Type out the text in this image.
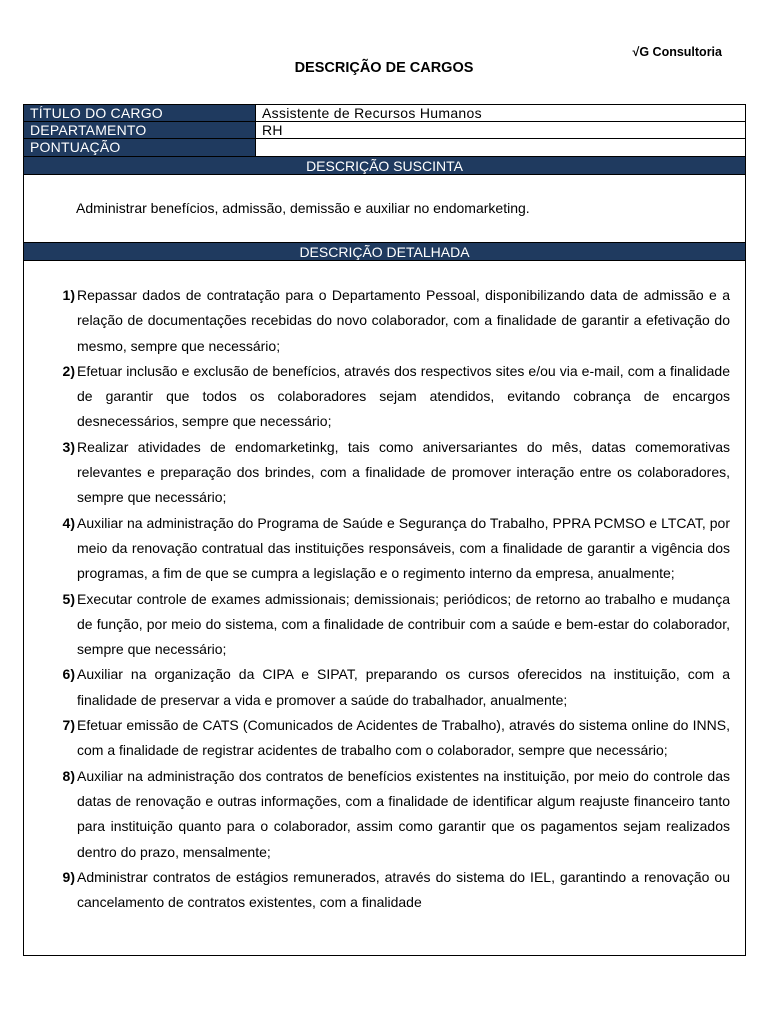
√G Consultoria
DESCRIÇÃO DE CARGOS
TÍTULO DO CARGO	Assistente de Recursos Humanos
DEPARTAMENTO	RH
PONTUAÇÃO
DESCRIÇÃO SUSCINTA
Administrar benefícios, admissão, demissão e auxiliar no endomarketing.
DESCRIÇÃO DETALHADA
1) Repassar dados de contratação para o Departamento Pessoal, disponibilizando data de admissão e a relação de documentações recebidas do novo colaborador, com a finalidade de garantir a efetivação do mesmo, sempre que necessário;
2) Efetuar inclusão e exclusão de benefícios, através dos respectivos sites e/ou via e-mail, com a finalidade de garantir que todos os colaboradores sejam atendidos, evitando cobrança de encargos desnecessários, sempre que necessário;
3) Realizar atividades de endomarketinkg, tais como aniversariantes do mês, datas comemorativas relevantes e preparação dos brindes, com a finalidade de promover interação entre os colaboradores, sempre que necessário;
4) Auxiliar na administração do Programa de Saúde e Segurança do Trabalho, PPRA PCMSO e LTCAT, por meio da renovação contratual das instituições responsáveis, com a finalidade de garantir a vigência dos programas, a fim de que se cumpra a legislação e o regimento interno da empresa, anualmente;
5) Executar controle de exames admissionais; demissionais; periódicos; de retorno ao trabalho e mudança de função, por meio do sistema, com a finalidade de contribuir com a saúde e bem-estar do colaborador, sempre que necessário;
6) Auxiliar na organização da CIPA e SIPAT, preparando os cursos oferecidos na instituição, com a finalidade de preservar a vida e promover a saúde do trabalhador, anualmente;
7) Efetuar emissão de CATS (Comunicados de Acidentes de Trabalho), através do sistema online do INNS, com a finalidade de registrar acidentes de trabalho com o colaborador, sempre que necessário;
8) Auxiliar na administração dos contratos de benefícios existentes na instituição, por meio do controle das datas de renovação e outras informações, com a finalidade de identificar algum reajuste financeiro tanto para instituição quanto para o colaborador, assim como garantir que os pagamentos sejam realizados dentro do prazo, mensalmente;
9) Administrar contratos de estágios remunerados, através do sistema do IEL, garantindo a renovação ou cancelamento de contratos existentes, com a finalidade
